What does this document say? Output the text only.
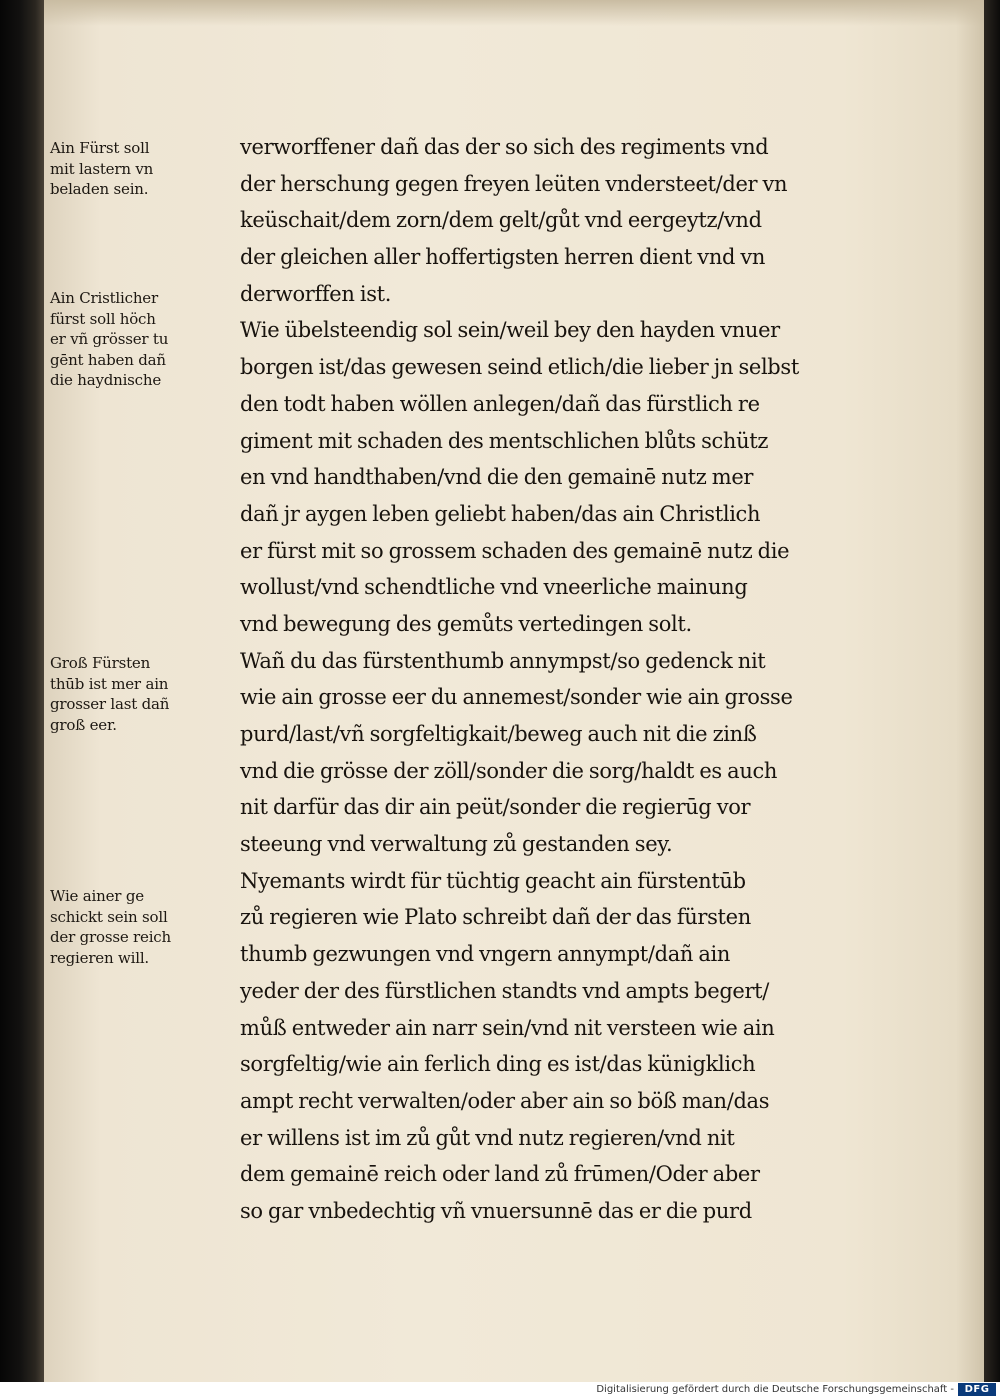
Ain Fürst soll
mit lastern vn
beladen sein.
Ain Cristlicher
fürst soll höch
er vñ grösser tu
gēnt haben dañ
die haydnische
Groß Fürsten
thūb ist mer ain
grosser last dañ
groß eer.
Wie ainer ge
schickt sein soll
der grosse reich
regieren will.
verworffener dañ das der so sich des regiments vnd
der herschung gegen freyen leüten vndersteet/der vn
keüschait/dem zorn/dem gelt/gůt vnd eergeytz/vnd
der gleichen aller hoffertigsten herren dient vnd vn
derworffen ist.
Wie übelsteendig sol sein/weil bey den hayden vnuer
borgen ist/das gewesen seind etlich/die lieber jn selbst
den todt haben wöllen anlegen/dañ das fürstlich re
giment mit schaden des mentschlichen blůts schütz
en vnd handthaben/vnd die den gemainē nutz mer
dañ jr aygen leben geliebt haben/das ain Christlich
er fürst mit so grossem schaden des gemainē nutz die
wollust/vnd schendtliche vnd vneerliche mainung
vnd bewegung des gemůts vertedingen solt.
Wañ du das fürstenthumb annympst/so gedenck nit
wie ain grosse eer du annemest/sonder wie ain grosse
purd/last/vñ sorgfeltigkait/beweg auch nit die zinß
vnd die grösse der zöll/sonder die sorg/haldt es auch
nit darfür das dir ain peüt/sonder die regierūg vor
steeung vnd verwaltung zů gestanden sey.
Nyemants wirdt für tüchtig geacht ain fürstentūb
zů regieren wie Plato schreibt dañ der das fürsten
thumb gezwungen vnd vngern annympt/dañ ain
yeder der des fürstlichen standts vnd ampts begert/
můß entweder ain narr sein/vnd nit versteen wie ain
sorgfeltig/wie ain ferlich ding es ist/das künigklich
ampt recht verwalten/oder aber ain so böß man/das
er willens ist im zů gůt vnd nutz regieren/vnd nit
dem gemainē reich oder land zů frūmen/Oder aber
so gar vnbedechtig vñ vnuersunnē das er die purd
Digitalisierung gefördert durch die Deutsche Forschungsgemeinschaft -	DFG
